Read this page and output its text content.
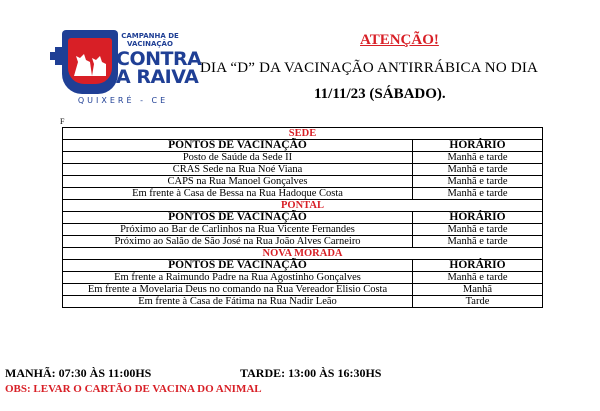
CAMPANHA DE
VACINAÇÃO
CONTRA
A RAIVA
QUIXERÉ - CE
ATENÇÃO!
DIA “D” DA VACINAÇÃO ANTIRRÁBICA NO DIA
11/11/23 (SÁBADO).
F
SEDE	
PONTOS DE VACINAÇÃO	HORÁRIO
Posto de Saúde da Sede II	Manhã e tarde
CRAS Sede na Rua Noé Viana	Manhã e tarde
CAPS na Rua Manoel Gonçalves	Manhã e tarde
Em frente à Casa de Bessa na Rua Hadoque Costa	Manhã e tarde
PONTAL	
PONTOS DE VACINAÇÃO	HORÁRIO
Próximo ao Bar de Carlinhos na Rua Vicente Fernandes	Manhã e tarde
Próximo ao Salão de São José na Rua João Alves Carneiro	Manhã e tarde
NOVA MORADA	
PONTOS DE VACINAÇÃO	HORÁRIO
Em frente a Raimundo Padre na Rua Agostinho Gonçalves	Manhã e tarde
Em frente a Movelaria Deus no comando na Rua Vereador Elisio Costa	Manhã
Em frente à Casa de Fátima na Rua Nadir Leão	Tarde
MANHÃ: 07:30 ÀS 11:00HS	TARDE: 13:00 ÀS 16:30HS
OBS: LEVAR O CARTÃO DE VACINA DO ANIMAL
